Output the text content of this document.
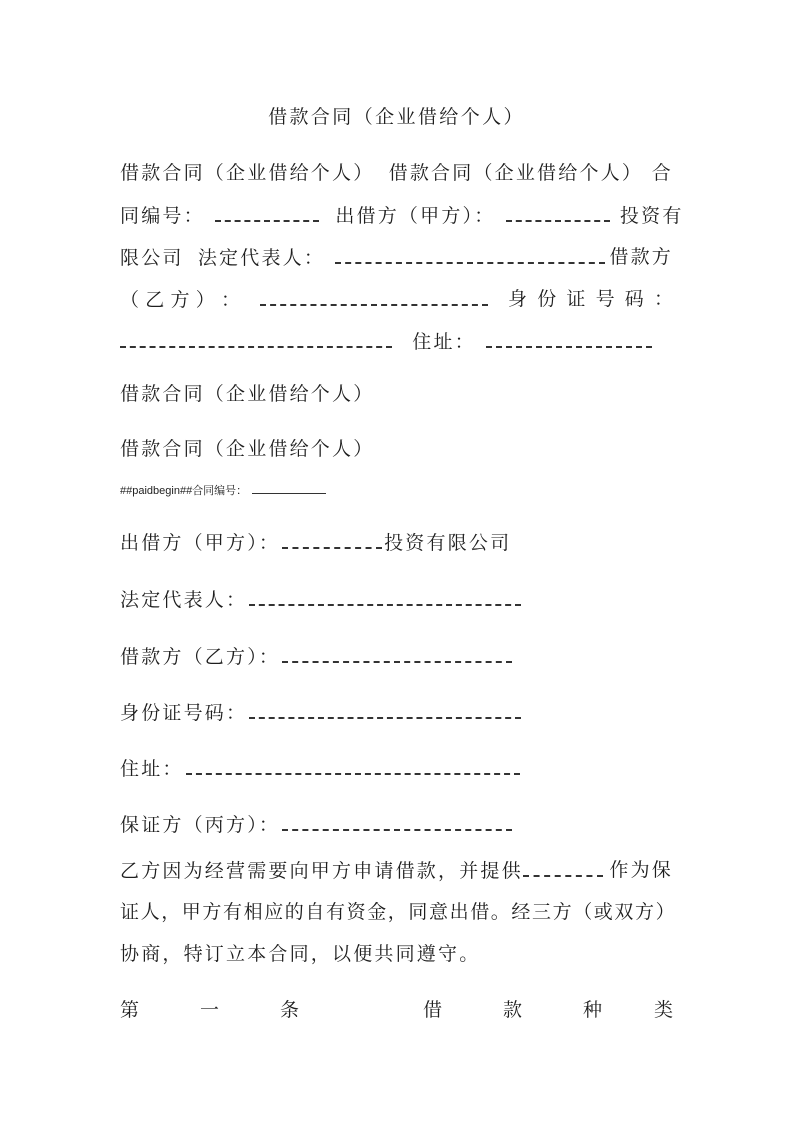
借款合同（企业借给个人）
借款合同（企业借给个人） 借款合同（企业借给个人） 合
同编号：	出借方（甲方）：	投资有
限公司 法定代表人：	借款方
（ 乙 方 ） ：
	身 份 证 号 码 ：
住址：
借款合同（企业借给个人）
借款合同（企业借给个人）
##paidbegin##合同编号：
出借方（甲方）：	投资有限公司
法定代表人：
借款方（乙方）：
身份证号码：
住址：
保证方（丙方）：
乙方因为经营需要向甲方申请借款，并提供	作为保
证人，甲方有相应的自有资金，同意出借。经三方（或双方）
协商，特订立本合同，以便共同遵守。
第	一	条	借	款	种	类
